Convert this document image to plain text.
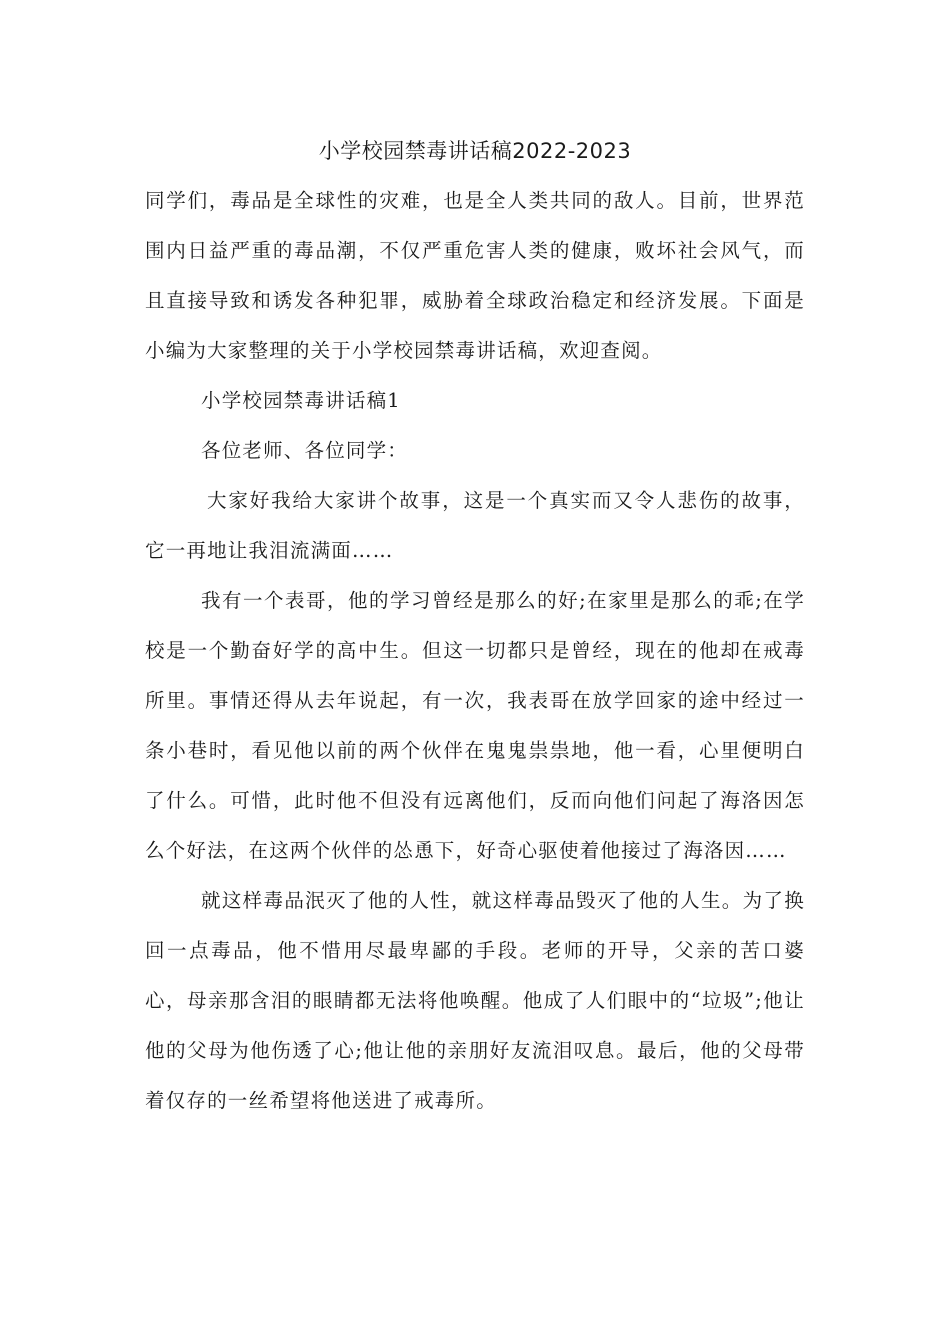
小学校园禁毒讲话稿2022-2023

同学们，毒品是全球性的灾难，也是全人类共同的敌人。目前，世界范围内日益严重的毒品潮，不仅严重危害人类的健康，败坏社会风气，而且直接导致和诱发各种犯罪，威胁着全球政治稳定和经济发展。下面是小编为大家整理的关于小学校园禁毒讲话稿，欢迎查阅。

小学校园禁毒讲话稿1

各位老师、各位同学：

大家好我给大家讲个故事，这是一个真实而又令人悲伤的故事，它一再地让我泪流满面……

我有一个表哥，他的学习曾经是那么的好;在家里是那么的乖;在学校是一个勤奋好学的高中生。但这一切都只是曾经，现在的他却在戒毒所里。事情还得从去年说起，有一次，我表哥在放学回家的途中经过一条小巷时，看见他以前的两个伙伴在鬼鬼祟祟地，他一看，心里便明白了什么。可惜，此时他不但没有远离他们，反而向他们问起了海洛因怎么个好法，在这两个伙伴的怂恿下，好奇心驱使着他接过了海洛因……

就这样毒品泯灭了他的人性，就这样毒品毁灭了他的人生。为了换回一点毒品，他不惜用尽最卑鄙的手段。老师的开导，父亲的苦口婆心，母亲那含泪的眼睛都无法将他唤醒。他成了人们眼中的“垃圾”;他让他的父母为他伤透了心;他让他的亲朋好友流泪叹息。最后，他的父母带着仅存的一丝希望将他送进了戒毒所。
